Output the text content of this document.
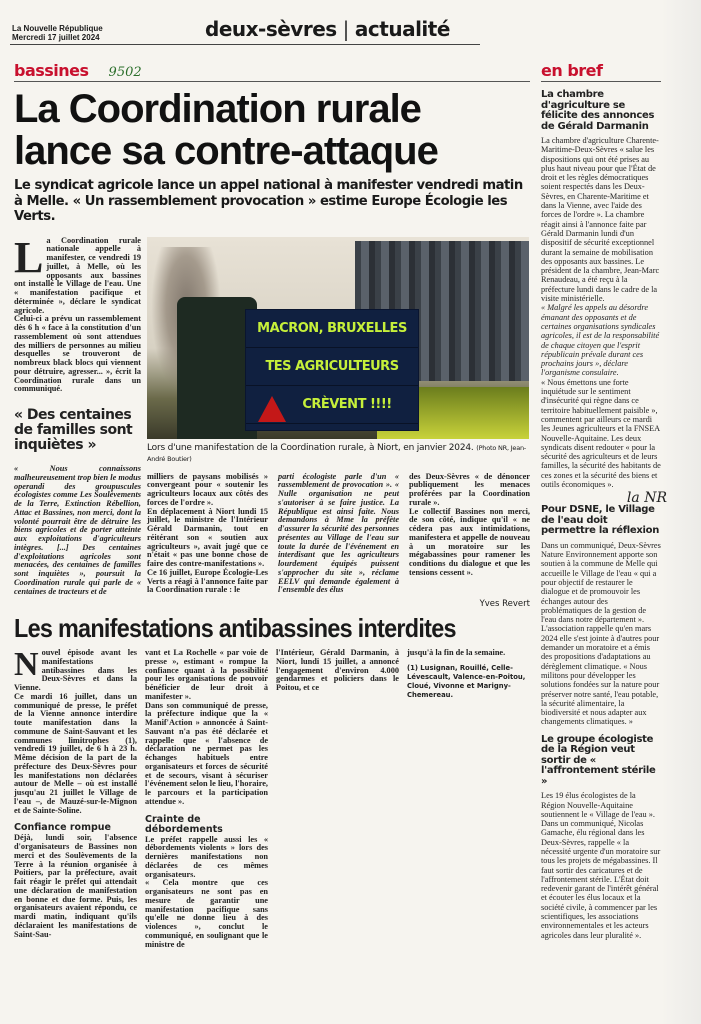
La Nouvelle République
Mercredi 17 juillet 2024	deux-sèvres | actualité
bassines 9502
La Coordination rurale
lance sa contre-attaque
Le syndicat agricole lance un appel national à manifester vendredi matin à Melle. « Un rassemblement provocation » estime Europe Écologie les Verts.

La Coordination rurale nationale appelle à manifester, ce vendredi 19 juillet, à Melle, où les opposants aux bassines ont installé le Village de l'eau. Une « manifestation pacifique et déterminée », déclare le syndicat agricole.

Celui-ci a prévu un rassemblement dès 6 h « face à la constitution d'un rassemblement où sont attendues des milliers de personnes au milieu desquelles se trouveront de nombreux black blocs qui viennent pour détruire, agresser... », écrit la Coordination rurale dans un communiqué.

« Des centaines de familles sont inquiètes »

« Nous connaissons malheureusement trop bien le modus operandi des groupuscules écologistes comme Les Soulèvements de la Terre, Extinction Rébellion, Attac et Bassines, non merci, dont la volonté pourrait être de détruire les biens agricoles et de porter atteinte aux exploitations d'agriculteurs intègres. [...] Des centaines d'exploitations agricoles sont menacées, des centaines de familles sont inquiètes », poursuit la Coordination rurale qui parle de « centaines de tracteurs et de

MACRON, BRUXELLES
TES AGRICULTEURS
CRÈVENT !!!!
Lors d'une manifestation de la Coordination rurale, à Niort, en janvier 2024. (Photo NR, Jean-André Boutier)

milliers de paysans mobilisés » convergeant pour « soutenir les agriculteurs locaux aux côtés des forces de l'ordre ».

En déplacement à Niort lundi 15 juillet, le ministre de l'Intérieur Gérald Darmanin, tout en réitérant son « soutien aux agriculteurs », avait jugé que ce n'était « pas une bonne chose de faire des contre-manifestations ».

Ce 16 juillet, Europe Écologie-Les Verts a réagi à l'annonce faite par la Coordination rurale : le

parti écologiste parle d'un « rassemblement de provocation ». « Nulle organisation ne peut s'autoriser à se faire justice. La République est ainsi faite. Nous demandons à Mme la préfète d'assurer la sécurité des personnes présentes au Village de l'eau sur toute la durée de l'événement en interdisant que les agriculteurs lourdement équipés puissent s'approcher du site », réclame EELV qui demande également à l'ensemble des élus

des Deux-Sèvres « de dénoncer publiquement les menaces proférées par la Coordination rurale ».

Le collectif Bassines non merci, de son côté, indique qu'il « ne cédera pas aux intimidations, manifestera et appelle de nouveau à un moratoire sur les mégabassines pour ramener les conditions du dialogue et que les tensions cessent ».

Yves Revert
Les manifestations antibassines interdites

Nouvel épisode avant les manifestations antibassines dans les Deux-Sèvres et dans la Vienne.

Ce mardi 16 juillet, dans un communiqué de presse, le préfet de la Vienne annonce interdire toute manifestation dans la commune de Saint-Sauvant et les communes limitrophes (1), vendredi 19 juillet, de 6 h à 23 h. Même décision de la part de la préfecture des Deux-Sèvres pour les manifestations non déclarées autour de Melle – où est installé jusqu'au 21 juillet le Village de l'eau –, de Mauzé-sur-le-Mignon et de Sainte-Soline.

Confiance rompue

Déjà, lundi soir, l'absence d'organisateurs de Bassines non merci et des Soulèvements de la Terre à la réunion organisée à Poitiers, par la préfecture, avait fait réagir le préfet qui attendait une déclaration de manifestation en bonne et due forme. Puis, les organisateurs avaient répondu, ce mardi matin, indiquant qu'ils déclaraient les manifestations de Saint-Sau-

vant et La Rochelle « par voie de presse », estimant « rompue la confiance quant à la possibilité pour les organisations de pouvoir bénéficier de leur droit à manifester ».

Dans son communiqué de presse, la préfecture indique que la « Manif'Action » annoncée à Saint-Sauvant n'a pas été déclarée et rappelle que « l'absence de déclaration ne permet pas les échanges habituels entre organisateurs et forces de sécurité et de secours, visant à sécuriser l'événement selon le lieu, l'horaire, le parcours et la participation attendue ».

Crainte de débordements

Le préfet rappelle aussi les « débordements violents » lors des dernières manifestations non déclarées de ces mêmes organisateurs.

« Cela montre que ces organisateurs ne sont pas en mesure de garantir une manifestation pacifique sans qu'elle ne donne lieu à des violences », conclut le communiqué, en soulignant que le ministre de

l'Intérieur, Gérald Darmanin, à Niort, lundi 15 juillet, a annoncé l'engagement d'environ 4.000 gendarmes et policiers dans le Poitou, et ce

jusqu'à la fin de la semaine.

(1) Lusignan, Rouillé, Celle-Lévescault, Valence-en-Poitou, Cloué, Vivonne et Marigny-Chemereau.

en bref
La chambre d'agriculture se félicite des annonces de Gérald Darmanin

La chambre d'agriculture Charente-Maritime-Deux-Sèvres « salue les dispositions qui ont été prises au plus haut niveau pour que l'État de droit et les règles démocratiques soient respectés dans les Deux-Sèvres, en Charente-Maritime et dans la Vienne, avec l'aide des forces de l'ordre ». La chambre réagit ainsi à l'annonce faite par Gérald Darmanin lundi d'un dispositif de sécurité exceptionnel durant la semaine de mobilisation des opposants aux bassines. Le président de la chambre, Jean-Marc Renaudeau, a été reçu à la préfecture lundi dans le cadre de la visite ministérielle.

« Malgré les appels au désordre émanant des opposants et de certaines organisations syndicales agricoles, il est de la responsabilité de chaque citoyen que l'esprit républicain prévale durant ces prochains jours », déclare l'organisme consulaire.

« Nous émettons une forte inquiétude sur le sentiment d'insécurité qui règne dans ce territoire habituellement paisible », commentent par ailleurs ce mardi les Jeunes agriculteurs et la FNSEA Nouvelle-Aquitaine. Les deux syndicats disent redouter « pour la sécurité des agriculteurs et de leurs familles, la sécurité des habitants de ces zones et la sécurité des biens et outils économiques ».

la NR
Pour DSNE, le Village de l'eau doit permettre la réflexion

Dans un communiqué, Deux-Sèvres Nature Environnement apporte son soutien à la commune de Melle qui accueille le Village de l'eau « qui a pour objectif de restaurer le dialogue et de promouvoir les échanges autour des problématiques de la gestion de l'eau dans notre département ». L'association rappelle qu'en mars 2024 elle s'est jointe à d'autres pour demander un moratoire et a émis des propositions d'adaptations au dérèglement climatique. « Nous militons pour développer les solutions fondées sur la nature pour préserver notre santé, l'eau potable, la sécurité alimentaire, la biodiversité et nous adapter aux changements climatiques. »

Le groupe écologiste de la Région veut sortir de « l'affrontement stérile »

Les 19 élus écologistes de la Région Nouvelle-Aquitaine soutiennent le « Village de l'eau ». Dans un communiqué, Nicolas Gamache, élu régional dans les Deux-Sèvres, rappelle « la nécessité urgente d'un moratoire sur tous les projets de mégabassines. Il faut sortir des caricatures et de l'affrontement stérile. L'État doit redevenir garant de l'intérêt général et écouter les élus locaux et la société civile, à commencer par les scientifiques, les associations environnementales et les acteurs agricoles dans leur pluralité ».
